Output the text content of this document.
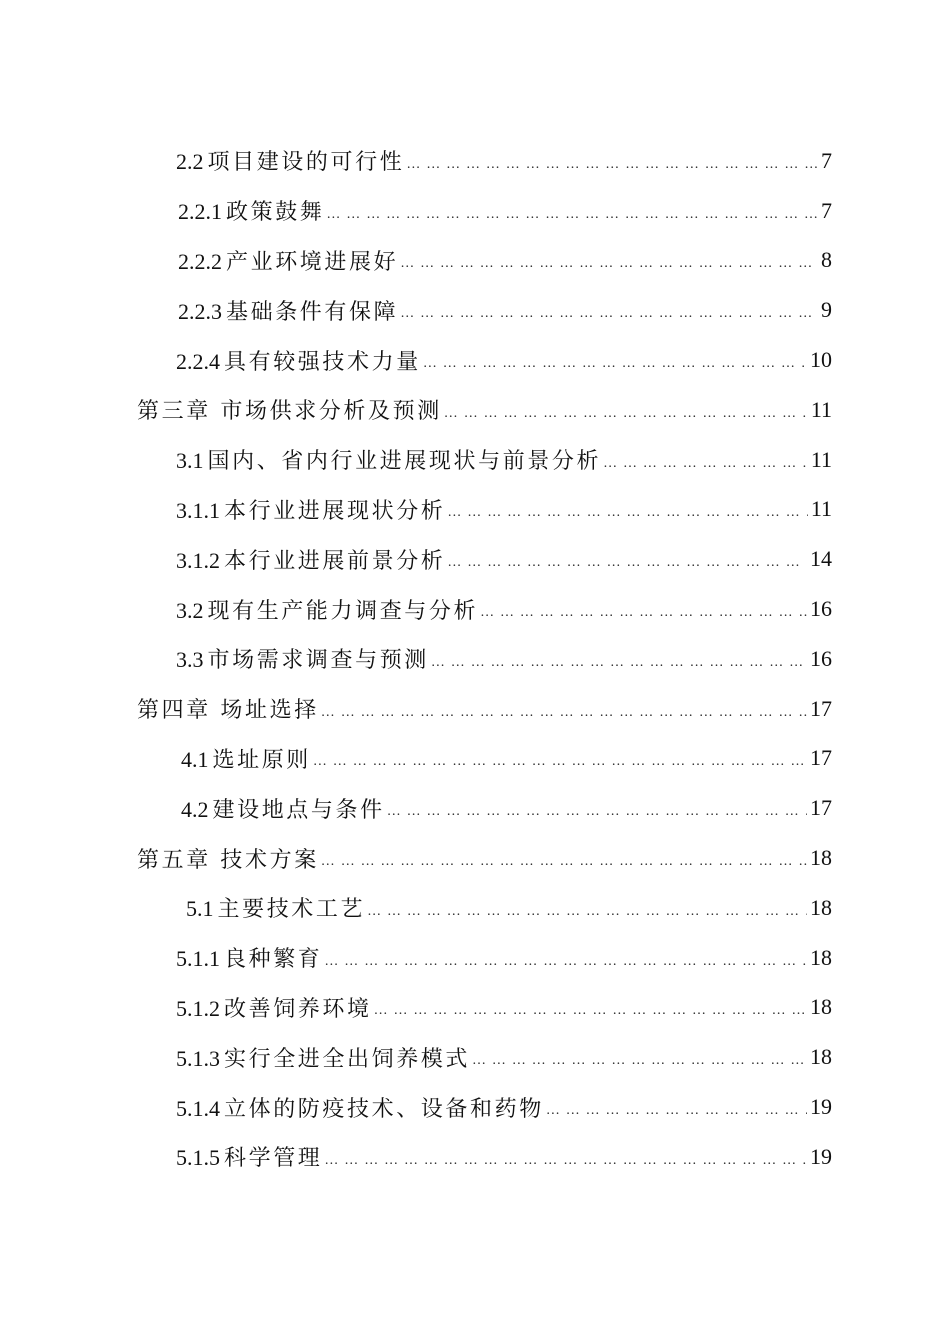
2.2 项目建设的可行性 … … … … … … … … … … … … … … … … … … … … … … … … … … … … … … … … … … … … … …	7
2.2.1 政策鼓舞 … … … … … … … … … … … … … … … … … … … … … … … … … … … … … … … … … … … … … …	7
2.2.2 产业环境进展好 … … … … … … … … … … … … … … … … … … … … … … … … … … … … … … … … … … … … … …	8
2.2.3 基础条件有保障 … … … … … … … … … … … … … … … … … … … … … … … … … … … … … … … … … … … … … …	9
2.2.4 具有较强技术力量 … … … … … … … … … … … … … … … … … … … … … … … … … … … … … … … … … … … … … …	10
第三章 市场供求分析及预测 … … … … … … … … … … … … … … … … … … … … … … … … … … … … … … … … … … … … … …	11
3.1 国内、省内行业进展现状与前景分析 … … … … … … … … … … … … … … … … … … … … … … … … … … … … … … … … … … … … … …	11
3.1.1 本行业进展现状分析 … … … … … … … … … … … … … … … … … … … … … … … … … … … … … … … … … … … … … …	11
3.1.2 本行业进展前景分析 … … … … … … … … … … … … … … … … … … … … … … … … … … … … … … … … … … … … … …	14
3.2 现有生产能力调查与分析 … … … … … … … … … … … … … … … … … … … … … … … … … … … … … … … … … … … … … …	16
3.3 市场需求调查与预测 … … … … … … … … … … … … … … … … … … … … … … … … … … … … … … … … … … … … … …	16
第四章 场址选择 … … … … … … … … … … … … … … … … … … … … … … … … … … … … … … … … … … … … … …	17
4.1 选址原则 … … … … … … … … … … … … … … … … … … … … … … … … … … … … … … … … … … … … … …	17
4.2 建设地点与条件 … … … … … … … … … … … … … … … … … … … … … … … … … … … … … … … … … … … … … …	17
第五章 技术方案 … … … … … … … … … … … … … … … … … … … … … … … … … … … … … … … … … … … … … …	18
5.1 主要技术工艺 … … … … … … … … … … … … … … … … … … … … … … … … … … … … … … … … … … … … … …	18
5.1.1 良种繁育 … … … … … … … … … … … … … … … … … … … … … … … … … … … … … … … … … … … … … …	18
5.1.2 改善饲养环境 … … … … … … … … … … … … … … … … … … … … … … … … … … … … … … … … … … … … … …	18
5.1.3 实行全进全出饲养模式 … … … … … … … … … … … … … … … … … … … … … … … … … … … … … … … … … … … … … …	18
5.1.4 立体的防疫技术、设备和药物 … … … … … … … … … … … … … … … … … … … … … … … … … … … … … … … … … … … … … …	19
5.1.5 科学管理 … … … … … … … … … … … … … … … … … … … … … … … … … … … … … … … … … … … … … …	19
